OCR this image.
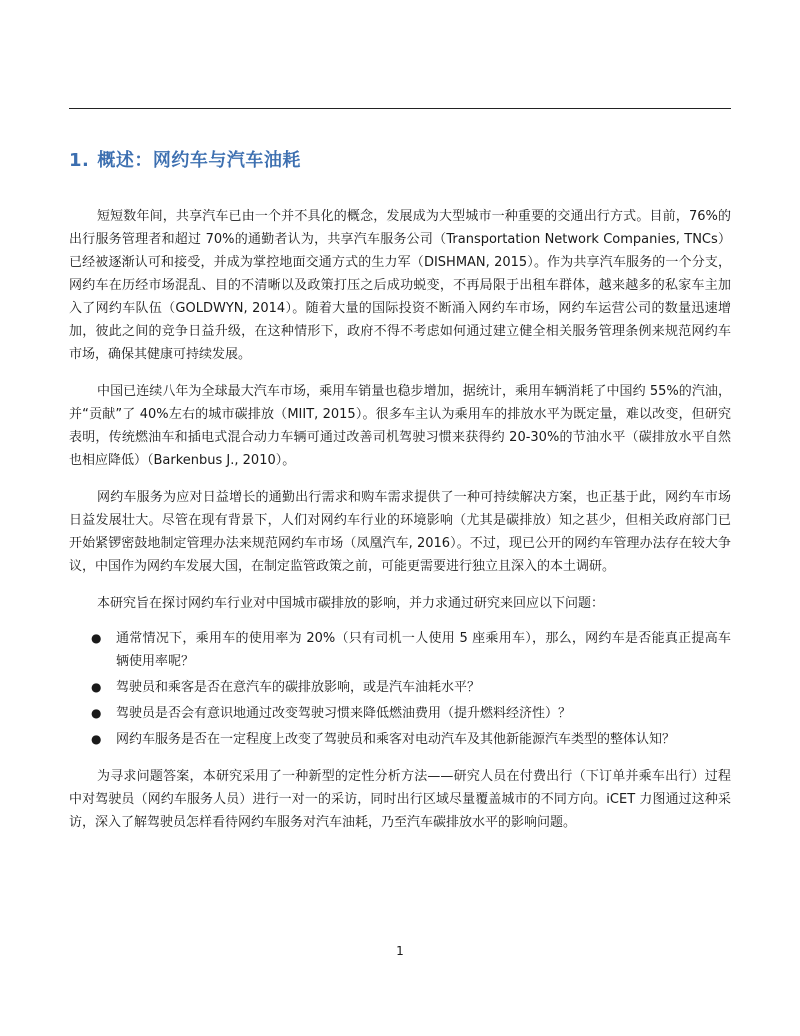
1. 概述：网约车与汽车油耗

短短数年间，共享汽车已由一个并不具化的概念，发展成为大型城市一种重要的交通出行方式。目前，76%的出行服务管理者和超过 70%的通勤者认为，共享汽车服务公司（Transportation Network Companies, TNCs）已经被逐渐认可和接受，并成为掌控地面交通方式的生力军（DISHMAN, 2015）。作为共享汽车服务的一个分支，网约车在历经市场混乱、目的不清晰以及政策打压之后成功蜕变，不再局限于出租车群体，越来越多的私家车主加入了网约车队伍（GOLDWYN, 2014）。随着大量的国际投资不断涌入网约车市场，网约车运营公司的数量迅速增加，彼此之间的竞争日益升级，在这种情形下，政府不得不考虑如何通过建立健全相关服务管理条例来规范网约车市场，确保其健康可持续发展。

中国已连续八年为全球最大汽车市场，乘用车销量也稳步增加，据统计，乘用车辆消耗了中国约 55%的汽油，并“贡献”了 40%左右的城市碳排放（MIIT, 2015）。很多车主认为乘用车的排放水平为既定量，难以改变，但研究表明，传统燃油车和插电式混合动力车辆可通过改善司机驾驶习惯来获得约 20-30%的节油水平（碳排放水平自然也相应降低）（Barkenbus J., 2010）。

网约车服务为应对日益增长的通勤出行需求和购车需求提供了一种可持续解决方案，也正基于此，网约车市场日益发展壮大。尽管在现有背景下，人们对网约车行业的环境影响（尤其是碳排放）知之甚少，但相关政府部门已开始紧锣密鼓地制定管理办法来规范网约车市场（凤凰汽车, 2016）。不过，现已公开的网约车管理办法存在较大争议，中国作为网约车发展大国，在制定监管政策之前，可能更需要进行独立且深入的本土调研。

本研究旨在探讨网约车行业对中国城市碳排放的影响，并力求通过研究来回应以下问题：

● 通常情况下，乘用车的使用率为 20%（只有司机一人使用 5 座乘用车），那么，网约车是否能真正提高车辆使用率呢？
● 驾驶员和乘客是否在意汽车的碳排放影响，或是汽车油耗水平？
● 驾驶员是否会有意识地通过改变驾驶习惯来降低燃油费用（提升燃料经济性）？
● 网约车服务是否在一定程度上改变了驾驶员和乘客对电动汽车及其他新能源汽车类型的整体认知？

为寻求问题答案，本研究采用了一种新型的定性分析方法——研究人员在付费出行（下订单并乘车出行）过程中对驾驶员（网约车服务人员）进行一对一的采访，同时出行区域尽量覆盖城市的不同方向。iCET 力图通过这种采访，深入了解驾驶员怎样看待网约车服务对汽车油耗，乃至汽车碳排放水平的影响问题。

1
